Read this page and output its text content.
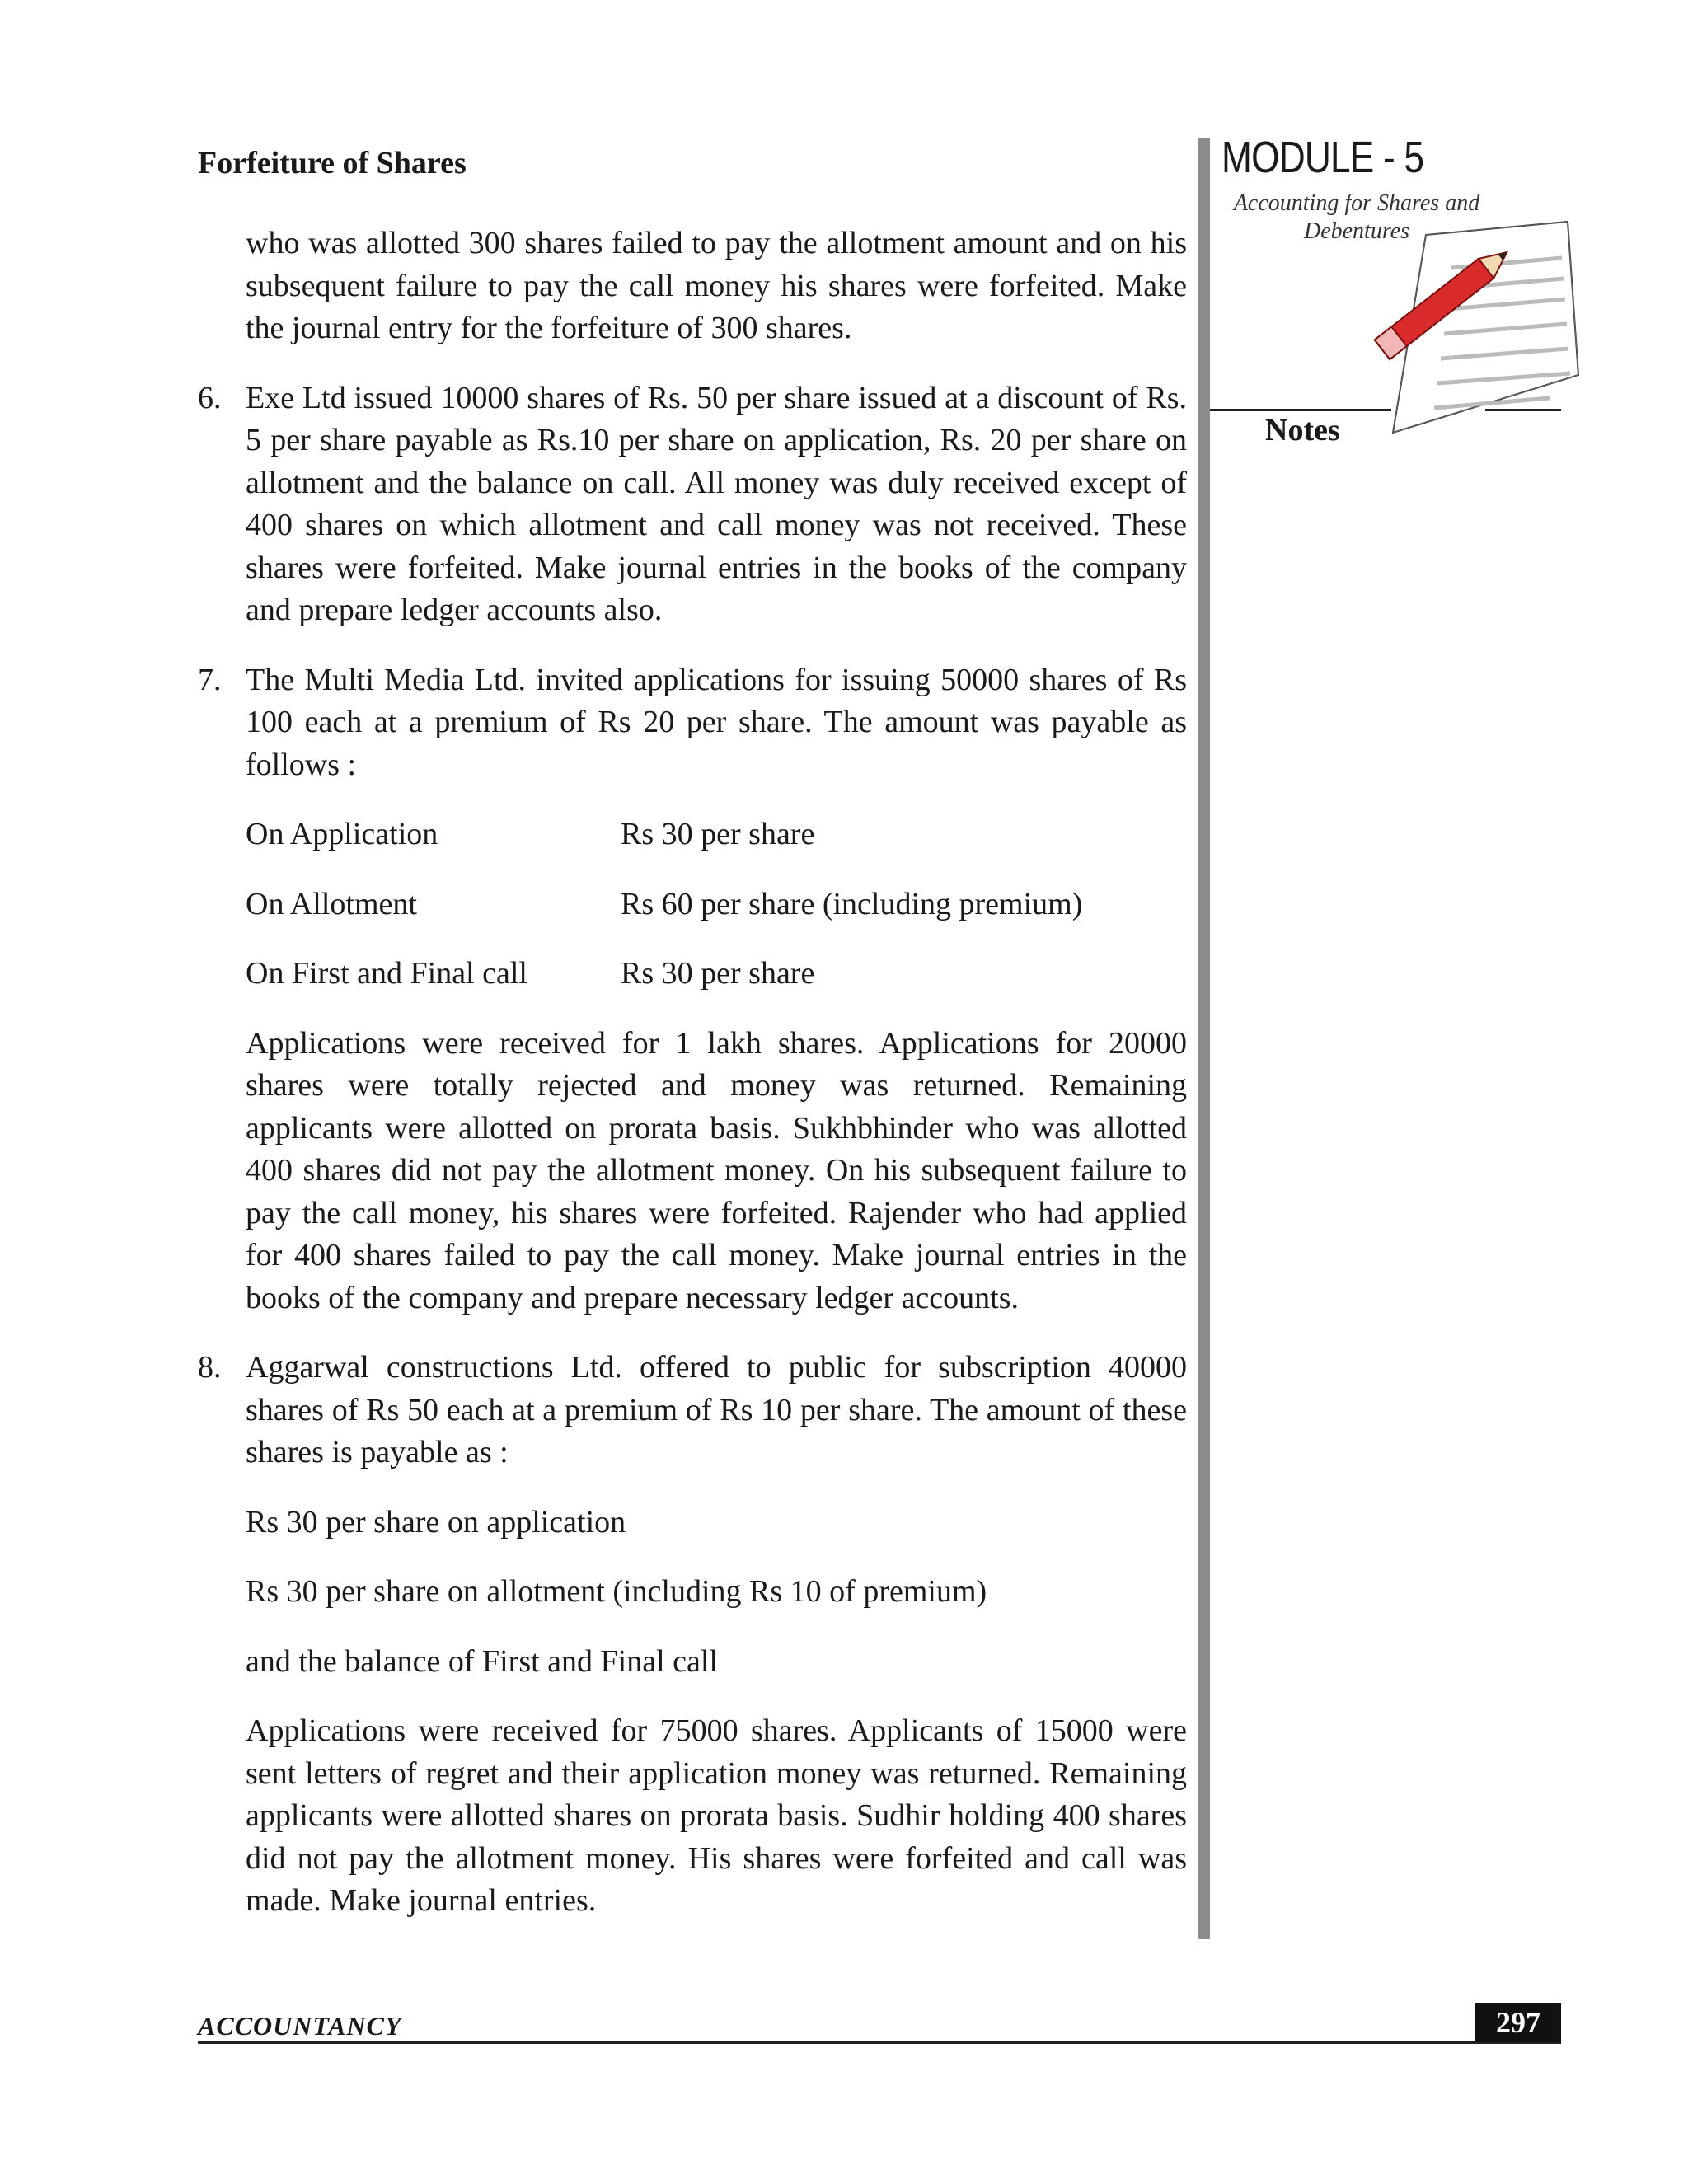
Forfeiture of Shares	MODULE - 5
Accounting for Shares and
Debentures
Notes

who was allotted 300 shares failed to pay the allotment amount and on his subsequent failure to pay the call money his shares were forfeited. Make the journal entry for the forfeiture of 300 shares.

6. Exe Ltd issued 10000 shares of Rs. 50 per share issued at a discount of Rs. 5 per share payable as Rs.10 per share on application, Rs. 20 per share on allotment and the balance on call. All money was duly received except of 400 shares on which allotment and call money was not received. These shares were forfeited. Make journal entries in the books of the company and prepare ledger accounts also.
7. The Multi Media Ltd. invited applications for issuing 50000 shares of Rs 100 each at a premium of Rs 20 per share. The amount was payable as follows :
On Application	Rs 30 per share
On Allotment	Rs 60 per share (including premium)
On First and Final call	Rs 30 per share

Applications were received for 1 lakh shares. Applications for 20000 shares were totally rejected and money was returned. Remaining applicants were allotted on prorata basis. Sukhbhinder who was allotted 400 shares did not pay the allotment money. On his subsequent failure to pay the call money, his shares were forfeited. Rajender who had applied for 400 shares failed to pay the call money. Make journal entries in the books of the company and prepare necessary ledger accounts.

8. Aggarwal constructions Ltd. offered to public for subscription 40000 shares of Rs 50 each at a premium of Rs 10 per share. The amount of these shares is payable as :
Rs 30 per share on application
Rs 30 per share on allotment (including Rs 10 of premium)
and the balance of First and Final call

Applications were received for 75000 shares. Applicants of 15000 were sent letters of regret and their application money was returned. Remaining applicants were allotted shares on prorata basis. Sudhir holding 400 shares did not pay the allotment money. His shares were forfeited and call was made. Make journal entries.

ACCOUNTANCY	297
